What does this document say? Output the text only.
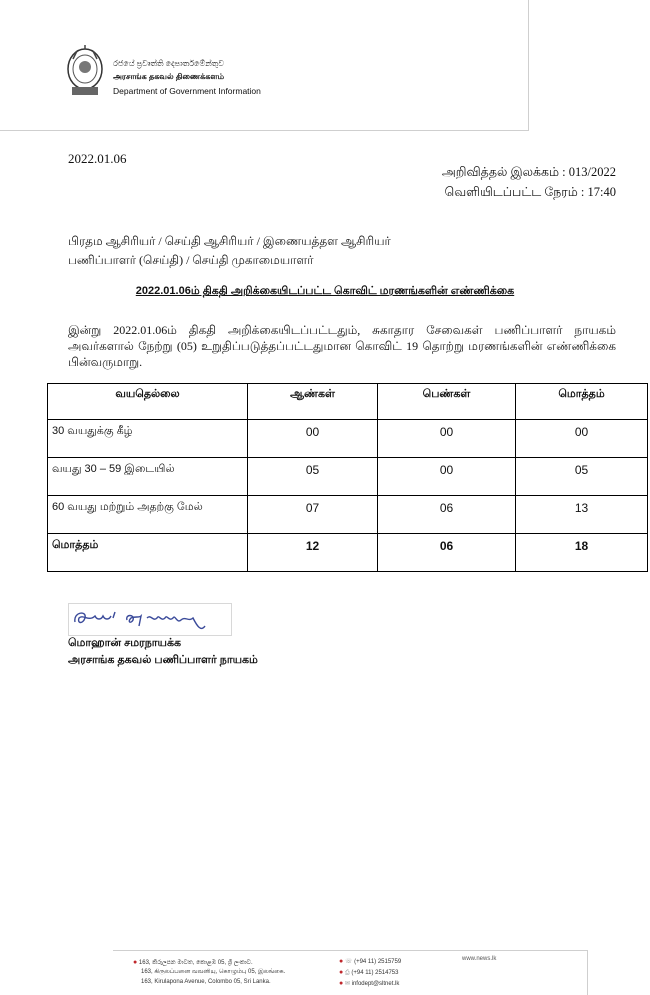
රජයේ ප්‍රවෘත්ති දෙපාර්තමේන්තුව
அரசாங்க தகவல் திணைக்களம்
Department of Government Information
2022.01.06
அறிவித்தல் இலக்கம் : 013/2022
வெளியிடப்பட்ட நேரம் : 17:40
பிரதம ஆசிரியர் / செய்தி ஆசிரியர் / இணையத்தள ஆசிரியர்
பணிப்பாளர் (செய்தி) / செய்தி முகாமையாளர்
2022.01.06ம் திகதி அறிக்கையிடப்பட்ட கொவிட் மரணங்களின் எண்ணிக்கை
இன்று 2022.01.06ம் திகதி அறிக்கையிடப்பட்டதும், சுகாதார சேவைகள் பணிப்பாளர் நாயகம் அவர்களால் நேற்று (05) உறுதிப்படுத்தப்பட்டதுமான கொவிட் 19 தொற்று மரணங்களின் எண்ணிக்கை பின்வருமாறு.
வயதெல்லை	ஆண்கள்	பெண்கள்	மொத்தம்
30 வயதுக்கு கீழ்	00	00	00
வயது 30 – 59 இடையில்	05	00	05
60 வயது மற்றும் அதற்கு மேல்	07	06	13
மொத்தம்	12	06	18
மொஹான் சமரநாயக்க
அரசாங்க தகவல் பணிப்பாளர் நாயகம்
● 163, කිරුලපන මාවත, කොළඹ 05, ශ්‍රී ලංකාව.
163, கிருலப்பனை வவனியு, கொழும்பு 05, இலங்கை.
163, Kirulapona Avenue, Colombo 05, Sri Lanka.
● ☏ (+94 11) 2515759
● ⎙ (+94 11) 2514753
● ✉ infodept@sltnet.lk
www.news.lk
